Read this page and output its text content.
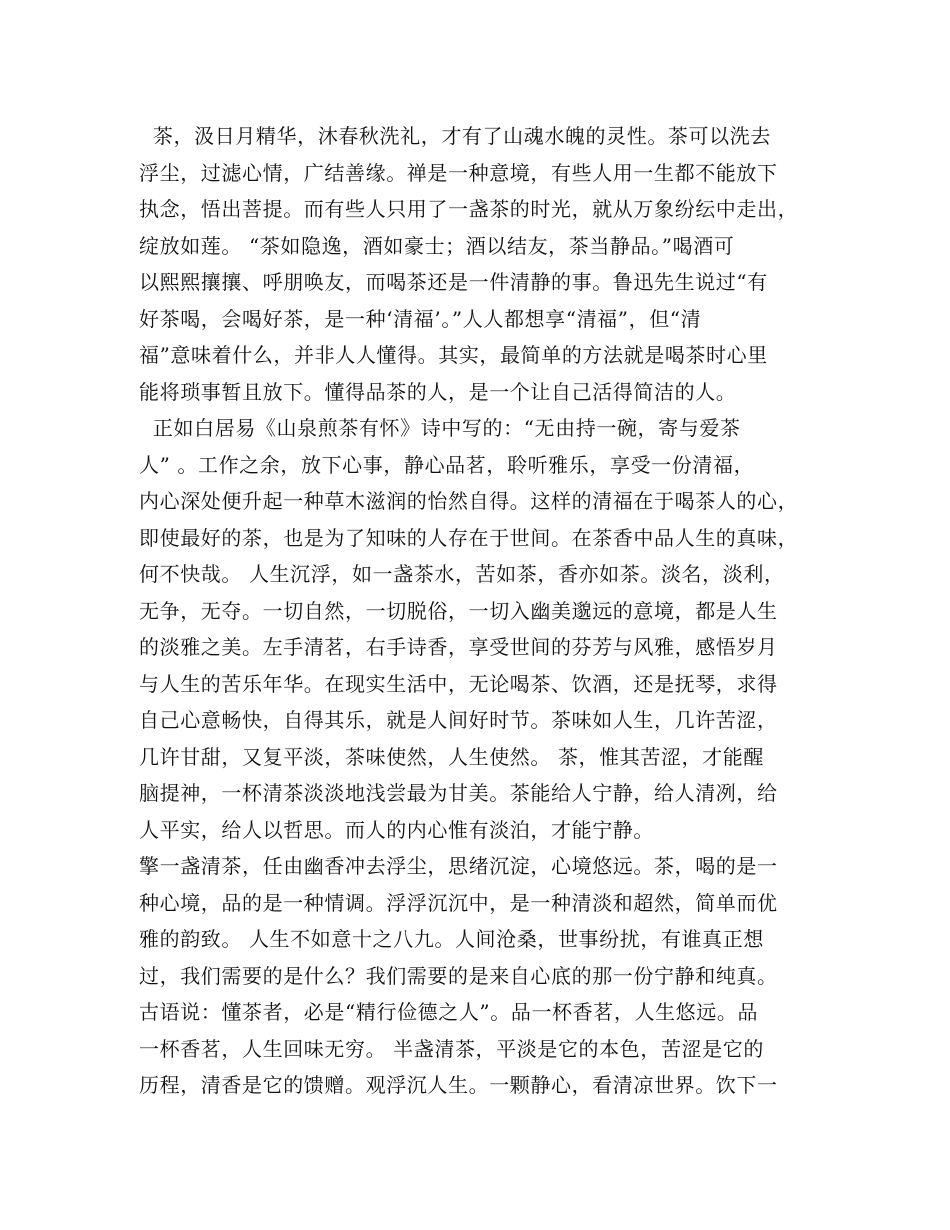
茶，汲日月精华，沐春秋洗礼，才有了山魂水魄的灵性。茶可以洗去
浮尘，过滤心情，广结善缘。禅是一种意境，有些人用一生都不能放下
执念，悟出菩提。而有些人只用了一盏茶的时光，就从万象纷纭中走出，
绽放如莲。 “茶如隐逸，酒如豪士；酒以结友，茶当静品。”喝酒可
以熙熙攘攘、呼朋唤友，而喝茶还是一件清静的事。鲁迅先生说过“有
好茶喝，会喝好茶，是一种‘清福’。”人人都想享“清福”，但“清
福”意味着什么，并非人人懂得。其实，最简单的方法就是喝茶时心里
能将琐事暂且放下。懂得品茶的人，是一个让自己活得简洁的人。
正如白居易《山泉煎茶有怀》诗中写的：“无由持一碗，寄与爱茶
人” 。工作之余，放下心事，静心品茗，聆听雅乐，享受一份清福，
内心深处便升起一种草木滋润的怡然自得。这样的清福在于喝茶人的心，
即使最好的茶，也是为了知味的人存在于世间。在茶香中品人生的真味，
何不快哉。 人生沉浮，如一盏茶水，苦如茶，香亦如茶。淡名，淡利，
无争，无夺。一切自然，一切脱俗，一切入幽美邈远的意境，都是人生
的淡雅之美。左手清茗，右手诗香，享受世间的芬芳与风雅，感悟岁月
与人生的苦乐年华。在现实生活中，无论喝茶、饮酒，还是抚琴，求得
自己心意畅快，自得其乐，就是人间好时节。茶味如人生，几许苦涩，
几许甘甜，又复平淡，茶味使然，人生使然。 茶，惟其苦涩，才能醒
脑提神，一杯清茶淡淡地浅尝最为甘美。茶能给人宁静，给人清冽，给
人平实，给人以哲思。而人的内心惟有淡泊，才能宁静。
擎一盏清茶，任由幽香冲去浮尘，思绪沉淀，心境悠远。茶，喝的是一
种心境，品的是一种情调。浮浮沉沉中，是一种清淡和超然，简单而优
雅的韵致。 人生不如意十之八九。人间沧桑，世事纷扰，有谁真正想
过，我们需要的是什么？我们需要的是来自心底的那一份宁静和纯真。
古语说：懂茶者，必是“精行俭德之人”。品一杯香茗，人生悠远。品
一杯香茗，人生回味无穷。 半盏清茶，平淡是它的本色，苦涩是它的
历程，清香是它的馈赠。观浮沉人生。一颗静心，看清凉世界。饮下一
